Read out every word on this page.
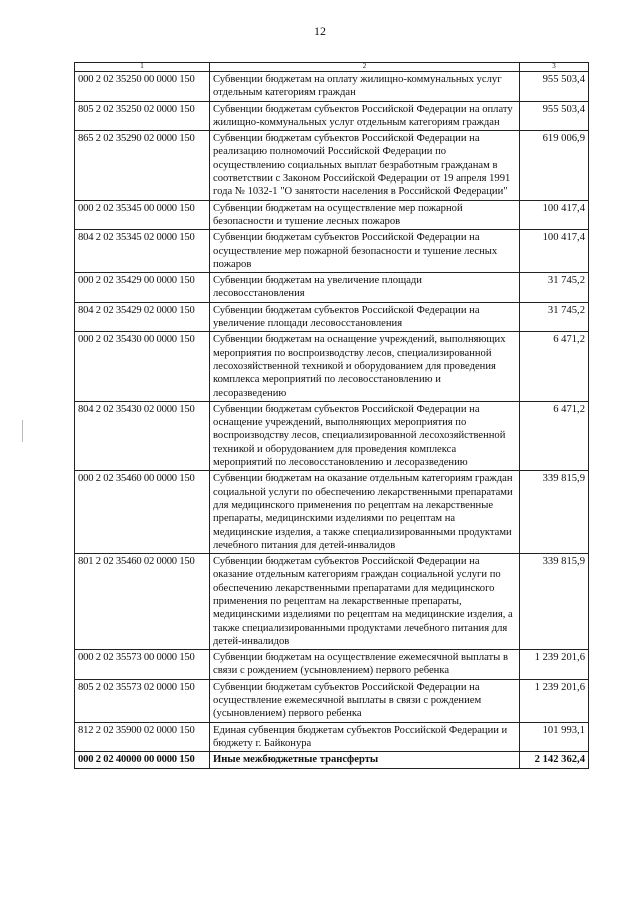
12
1	2	3
000 2 02 35250 00 0000 150	Субвенции бюджетам на оплату жилищно-коммунальных услуг отдельным категориям граждан	955 503,4
805 2 02 35250 02 0000 150	Субвенции бюджетам субъектов Российской Федерации на оплату жилищно-коммунальных услуг отдельным категориям граждан	955 503,4
865 2 02 35290 02 0000 150	Субвенции бюджетам субъектов Российской Федерации на реализацию полномочий Российской Федерации по осуществлению социальных выплат безработным гражданам в соответствии с Законом Российской Федерации от 19 апреля 1991 года № 1032-1 "О занятости населения в Российской Федерации"	619 006,9
000 2 02 35345 00 0000 150	Субвенции бюджетам на осуществление мер пожарной безопасности и тушение лесных пожаров	100 417,4
804 2 02 35345 02 0000 150	Субвенции бюджетам субъектов Российской Федерации на осуществление мер пожарной безопасности и тушение лесных пожаров	100 417,4
000 2 02 35429 00 0000 150	Субвенции бюджетам на увеличение площади лесовосстановления	31 745,2
804 2 02 35429 02 0000 150	Субвенции бюджетам субъектов Российской Федерации на увеличение площади лесовосстановления	31 745,2
000 2 02 35430 00 0000 150	Субвенции бюджетам на оснащение учреждений, выполняющих мероприятия по воспроизводству лесов, специализированной лесохозяйственной техникой и оборудованием для проведения комплекса мероприятий по лесовосстановлению и лесоразведению	6 471,2
804 2 02 35430 02 0000 150	Субвенции бюджетам субъектов Российской Федерации на оснащение учреждений, выполняющих мероприятия по воспроизводству лесов, специализированной лесохозяйственной техникой и оборудованием для проведения комплекса мероприятий по лесовосстановлению и лесоразведению	6 471,2
000 2 02 35460 00 0000 150	Субвенции бюджетам на оказание отдельным категориям граждан социальной услуги по обеспечению лекарственными препаратами для медицинского применения по рецептам на лекарственные препараты, медицинскими изделиями по рецептам на медицинские изделия, а также специализированными продуктами лечебного питания для детей-инвалидов	339 815,9
801 2 02 35460 02 0000 150	Субвенции бюджетам субъектов Российской Федерации на оказание отдельным категориям граждан социальной услуги по обеспечению лекарственными препаратами для медицинского применения по рецептам на лекарственные препараты, медицинскими изделиями по рецептам на медицинские изделия, а также специализированными продуктами лечебного питания для детей-инвалидов	339 815,9
000 2 02 35573 00 0000 150	Субвенции бюджетам на осуществление ежемесячной выплаты в связи с рождением (усыновлением) первого ребенка	1 239 201,6
805 2 02 35573 02 0000 150	Субвенции бюджетам субъектов Российской Федерации на осуществление ежемесячной выплаты в связи с рождением (усыновлением) первого ребенка	1 239 201,6
812 2 02 35900 02 0000 150	Единая субвенция бюджетам субъектов Российской Федерации и бюджету г. Байконура	101 993,1
000 2 02 40000 00 0000 150	Иные межбюджетные трансферты	2 142 362,4
